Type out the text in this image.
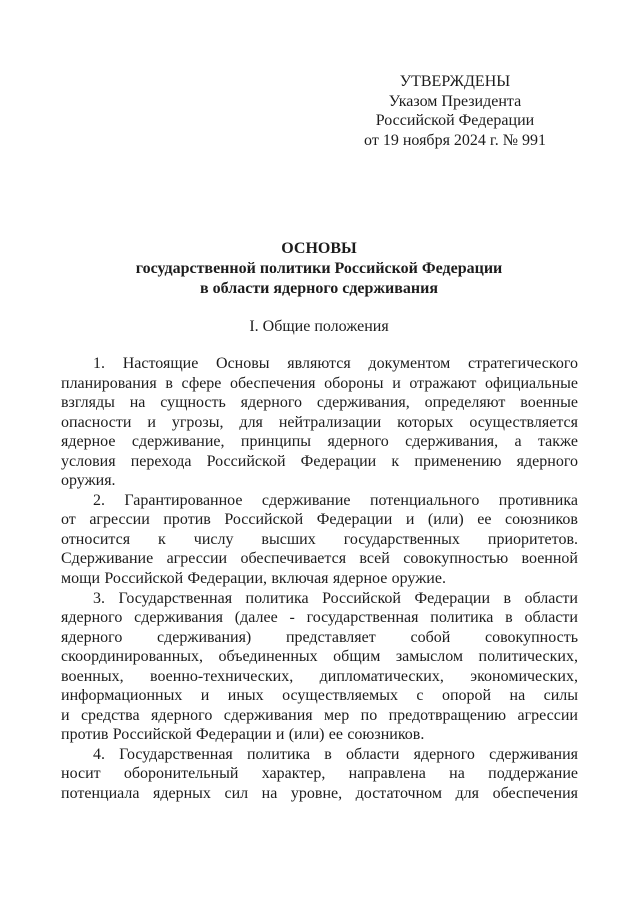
УТВЕРЖДЕНЫ
Указом Президента
Российской Федерации
от 19 ноября 2024 г. № 991
ОСНОВЫ
государственной политики Российской Федерации
в области ядерного сдерживания
I. Общие положения
1. Настоящие Основы являются документом стратегического
планирования в сфере обеспечения обороны и отражают официальные
взгляды на сущность ядерного сдерживания, определяют военные
опасности и угрозы, для нейтрализации которых осуществляется
ядерное сдерживание, принципы ядерного сдерживания, а также
условия перехода Российской Федерации к применению ядерного
оружия.
2. Гарантированное сдерживание потенциального противника
от агрессии против Российской Федерации и (или) ее союзников
относится к числу высших государственных приоритетов.
Сдерживание агрессии обеспечивается всей совокупностью военной
мощи Российской Федерации, включая ядерное оружие.
3. Государственная политика Российской Федерации в области
ядерного сдерживания (далее - государственная политика в области
ядерного сдерживания) представляет собой совокупность
скоординированных, объединенных общим замыслом политических,
военных, военно-технических, дипломатических, экономических,
информационных и иных осуществляемых с опорой на силы
и средства ядерного сдерживания мер по предотвращению агрессии
против Российской Федерации и (или) ее союзников.
4. Государственная политика в области ядерного сдерживания
носит оборонительный характер, направлена на поддержание
потенциала ядерных сил на уровне, достаточном для обеспечения
